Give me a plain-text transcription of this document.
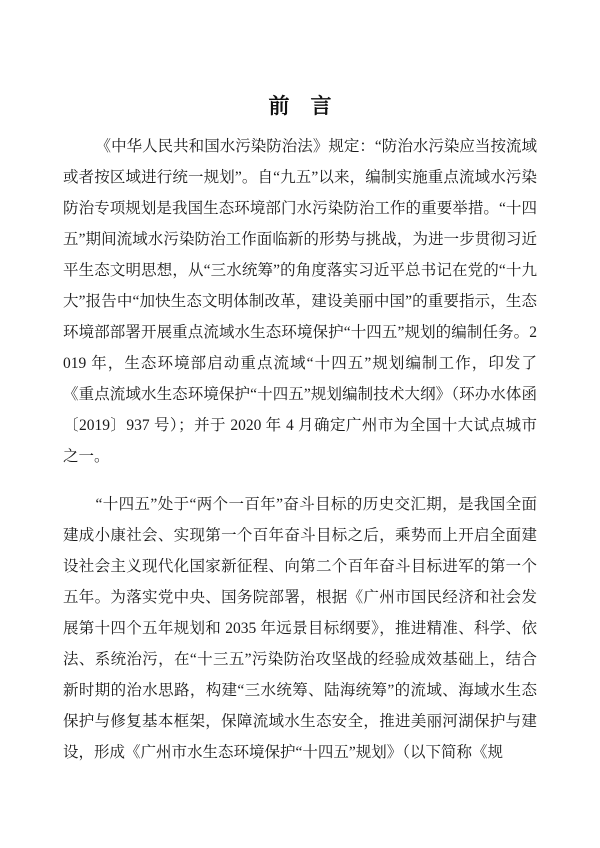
前　言

《中华人民共和国水污染防治法》规定：“防治水污染应当按流域或者按区域进行统一规划”。自“九五”以来，编制实施重点流域水污染防治专项规划是我国生态环境部门水污染防治工作的重要举措。“十四五”期间流域水污染防治工作面临新的形势与挑战，为进一步贯彻习近平生态文明思想，从“三水统筹”的角度落实习近平总书记在党的“十九大”报告中“加快生态文明体制改革，建设美丽中国”的重要指示，生态环境部部署开展重点流域水生态环境保护“十四五”规划的编制任务。2019 年，生态环境部启动重点流域“十四五”规划编制工作，印发了《重点流域水生态环境保护“十四五”规划编制技术大纲》（环办水体函〔2019〕937 号）；并于 2020 年 4 月确定广州市为全国十大试点城市之一。

“十四五”处于“两个一百年”奋斗目标的历史交汇期，是我国全面建成小康社会、实现第一个百年奋斗目标之后，乘势而上开启全面建设社会主义现代化国家新征程、向第二个百年奋斗目标进军的第一个五年。为落实党中央、国务院部署，根据《广州市国民经济和社会发展第十四个五年规划和 2035 年远景目标纲要》，推进精准、科学、依法、系统治污，在“十三五”污染防治攻坚战的经验成效基础上，结合新时期的治水思路，构建“三水统筹、陆海统筹”的流域、海域水生态保护与修复基本框架，保障流域水生态安全，推进美丽河湖保护与建设，形成《广州市水生态环境保护“十四五”规划》（以下简称《规
